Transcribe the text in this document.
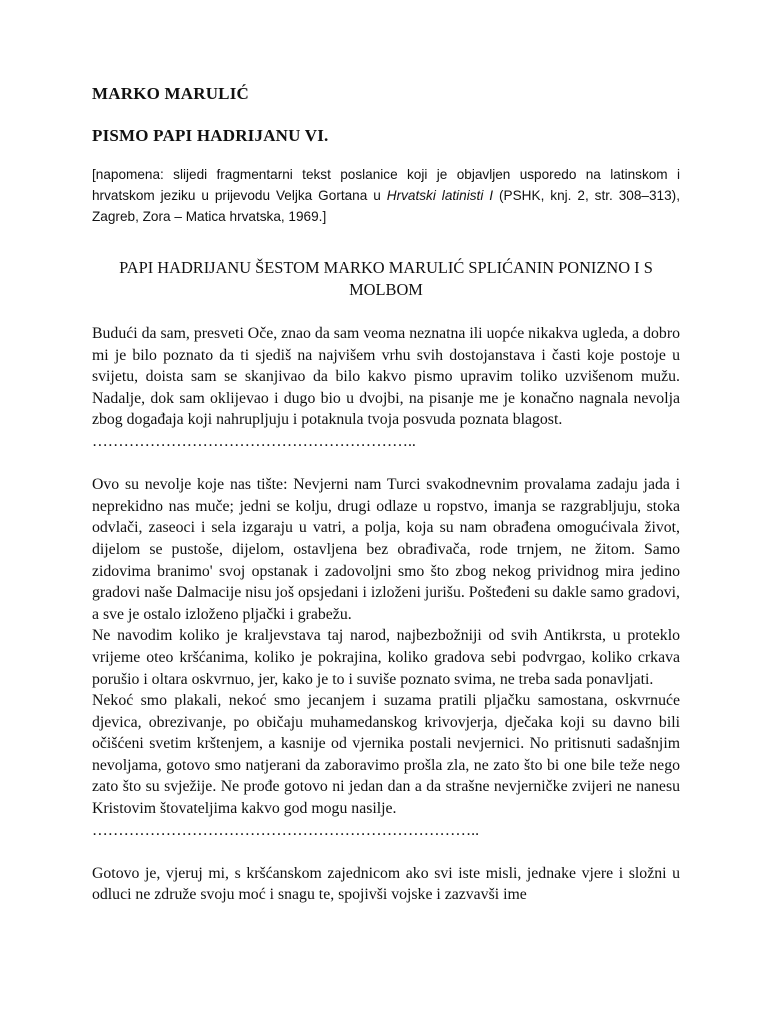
MARKO MARULIĆ
PISMO PAPI HADRIJANU VI.
[napomena: slijedi fragmentarni tekst poslanice koji je objavljen usporedo na latinskom i hrvatskom jeziku u prijevodu Veljka Gortana u Hrvatski latinisti I (PSHK, knj. 2, str. 308–313), Zagreb, Zora – Matica hrvatska, 1969.]
PAPI HADRIJANU ŠESTOM MARKO MARULIĆ SPLIĆANIN PONIZNO I S MOLBOM

Budući da sam, presveti Oče, znao da sam veoma neznatna ili uopće nikakva ugleda, a dobro mi je bilo poznato da ti sjediš na najvišem vrhu svih dostojanstava i časti koje postoje u svijetu, doista sam se skanjivao da bilo kakvo pismo upravim toliko uzvišenom mužu. Nadalje, dok sam oklijevao i dugo bio u dvojbi, na pisanje me je konačno nagnala nevolja zbog događaja koji nahrupljuju i potaknula tvoja posvuda poznata blagost.

……………………………………………………..

Ovo su nevolje koje nas tište: Nevjerni nam Turci svakodnevnim provalama zadaju jada i neprekidno nas muče; jedni se kolju, drugi odlaze u ropstvo, imanja se razgrabljuju, stoka odvlači, zaseoci i sela izgaraju u vatri, a polja, koja su nam obrađena omogućivala život, dijelom se pustoše, dijelom, ostavljena bez obrađivača, rode trnjem, ne žitom. Samo zidovima branimo' svoj opstanak i zadovoljni smo što zbog nekog prividnog mira jedino gradovi naše Dalmacije nisu još opsjedani i izloženi jurišu. Pošteđeni su dakle samo gradovi, a sve je ostalo izloženo pljački i grabežu.

Ne navodim koliko je kraljevstava taj narod, najbezbožniji od svih Antikrsta, u proteklo vrijeme oteo kršćanima, koliko je pokrajina, koliko gradova sebi podvrgao, koliko crkava porušio i oltara oskvrnuo, jer, kako je to i suviše poznato svima, ne treba sada ponavljati.

Nekoć smo plakali, nekoć smo jecanjem i suzama pratili pljačku samostana, oskvrnuće djevica, obrezivanje, po običaju muhamedanskog krivovjerja, dječaka koji su davno bili očišćeni svetim krštenjem, a kasnije od vjernika postali nevjernici. No pritisnuti sadašnjim nevoljama, gotovo smo natjerani da zaboravimo prošla zla, ne zato što bi one bile teže nego zato što su svježije. Ne prođe gotovo ni jedan dan a da strašne nevjerničke zvijeri ne nanesu Kristovim štovateljima kakvo god mogu nasilje.

………………………………………………………………..

Gotovo je, vjeruj mi, s kršćanskom zajednicom ako svi iste misli, jednake vjere i složni u odluci ne združe svoju moć i snagu te, spojivši vojske i zazvavši ime
